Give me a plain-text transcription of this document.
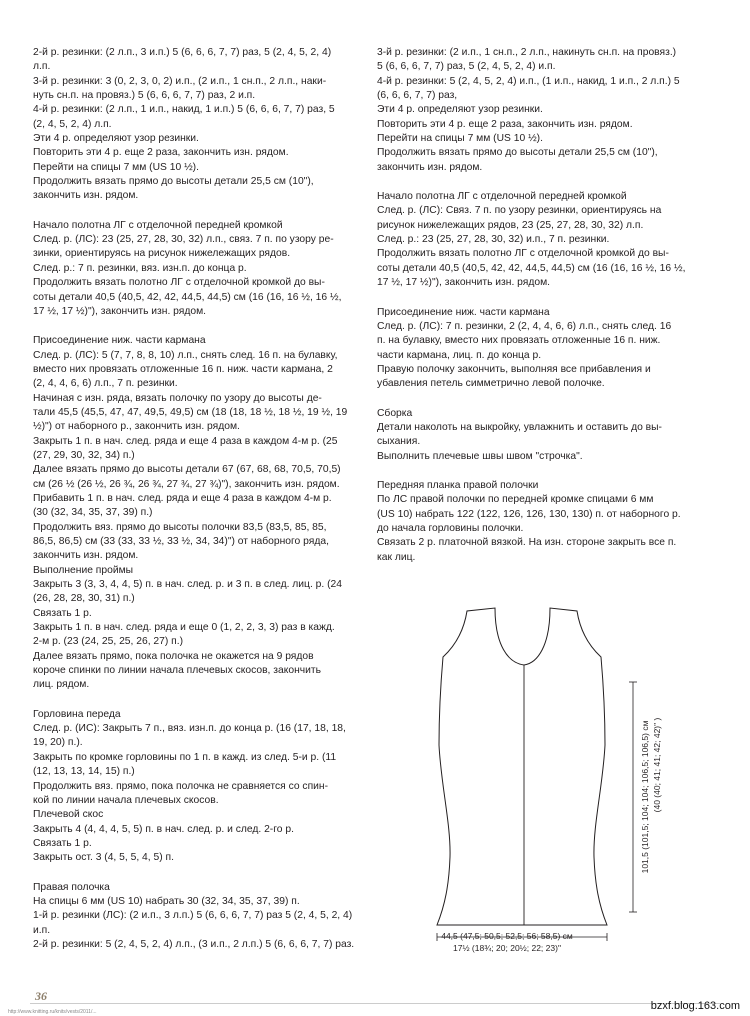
2-й р. резинки: (2 л.п., 3 и.п.) 5 (6, 6, 6, 7, 7) раз, 5 (2, 4, 5, 2, 4)

л.п.

3-й р. резинки: 3 (0, 2, 3, 0, 2) и.п., (2 и.п., 1 сн.п., 2 л.п., наки-

нуть сн.п. на провяз.) 5 (6, 6, 6, 7, 7) раз, 2 и.п.

4-й р. резинки: (2 л.п., 1 и.п., накид, 1 и.п.) 5 (6, 6, 6, 7, 7) раз, 5

(2, 4, 5, 2, 4) л.п.

Эти 4 р. определяют узор резинки.

Повторить эти 4 р. еще 2 раза, закончить изн. рядом.

Перейти на спицы 7 мм (US 10 ½).

Продолжить вязать прямо до высоты детали 25,5 см (10"),

закончить изн. рядом.

Начало полотна ЛГ с отделочной передней кромкой

След. р. (ЛС): 23 (25, 27, 28, 30, 32) л.п., связ. 7 п. по узору ре-

зинки, ориентируясь на рисунок нижележащих рядов.

След. р.: 7 п. резинки, вяз. изн.п. до конца р.

Продолжить вязать полотно ЛГ с отделочной кромкой до вы-

соты детали 40,5 (40,5, 42, 42, 44,5, 44,5) см (16 (16, 16 ½, 16 ½,

17 ½, 17 ½)"), закончить изн. рядом.

Присоединение ниж. части кармана

След. р. (ЛС): 5 (7, 7, 8, 8, 10) л.п., снять след. 16 п. на булавку,

вместо них провязать отложенные 16 п. ниж. части кармана, 2

(2, 4, 4, 6, 6) л.п., 7 п. резинки.

Начиная с изн. ряда, вязать полочку по узору до высоты де-

тали 45,5 (45,5, 47, 47, 49,5, 49,5) см (18 (18, 18 ½, 18 ½, 19 ½, 19

½)") от наборного р., закончить изн. рядом.

Закрыть 1 п. в нач. след. ряда и еще 4 раза в каждом 4-м р. (25

(27, 29, 30, 32, 34) п.)

Далее вязать прямо до высоты детали 67 (67, 68, 68, 70,5, 70,5)

см (26 ½ (26 ½, 26 ¾, 26 ¾, 27 ¾, 27 ¾)"), закончить изн. рядом.

Прибавить 1 п. в нач. след. ряда и еще 4 раза в каждом 4-м р.

(30 (32, 34, 35, 37, 39) п.)

Продолжить вяз. прямо до высоты полочки 83,5 (83,5, 85, 85,

86,5, 86,5) см (33 (33, 33 ½, 33 ½, 34, 34)") от наборного ряда,

закончить изн. рядом.

Выполнение проймы

Закрыть 3 (3, 3, 4, 4, 5) п. в нач. след. р. и 3 п. в след. лиц. р. (24

(26, 28, 28, 30, 31) п.)

Связать 1 р.

Закрыть 1 п. в нач. след. ряда и еще 0 (1, 2, 2, 3, 3) раз в кажд.

2-м р. (23 (24, 25, 25, 26, 27) п.)

Далее вязать прямо, пока полочка не окажется на 9 рядов

короче спинки по линии начала плечевых скосов, закончить

лиц. рядом.

Горловина переда

След. р. (ИС): Закрыть 7 п., вяз. изн.п. до конца р. (16 (17, 18, 18,

19, 20) п.).

Закрыть по кромке горловины по 1 п. в кажд. из след. 5-и р. (11

(12, 13, 13, 14, 15) п.)

Продолжить вяз. прямо, пока полочка не сравняется со спин-

кой по линии начала плечевых скосов.

Плечевой скос

Закрыть 4 (4, 4, 4, 5, 5) п. в нач. след. р. и след. 2-го р.

Связать 1 р.

Закрыть ост. 3 (4, 5, 5, 4, 5) п.

Правая полочка

На спицы 6 мм (US 10) набрать 30 (32, 34, 35, 37, 39) п.

1-й р. резинки (ЛС): (2 и.п., 3 л.п.) 5 (6, 6, 6, 7, 7) раз 5 (2, 4, 5, 2, 4)

и.п.

2-й р. резинки: 5 (2, 4, 5, 2, 4) л.п., (3 и.п., 2 л.п.) 5 (6, 6, 6, 7, 7) раз.

3-й р. резинки: (2 и.п., 1 сн.п., 2 л.п., накинуть сн.п. на провяз.)

5 (6, 6, 6, 7, 7) раз, 5 (2, 4, 5, 2, 4) и.п.

4-й р. резинки: 5 (2, 4, 5, 2, 4) и.п., (1 и.п., накид, 1 и.п., 2 л.п.) 5

(6, 6, 6, 7, 7) раз,

Эти 4 р. определяют узор резинки.

Повторить эти 4 р. еще 2 раза, закончить изн. рядом.

Перейти на спицы 7 мм (US 10 ½).

Продолжить вязать прямо до высоты детали 25,5 см (10"),

закончить изн. рядом.

Начало полотна ЛГ с отделочной передней кромкой

След. р. (ЛС): Связ. 7 п. по узору резинки, ориентируясь на

рисунок нижележащих рядов, 23 (25, 27, 28, 30, 32) л.п.

След. р.: 23 (25, 27, 28, 30, 32) и.п., 7 п. резинки.

Продолжить вязать полотно ЛГ с отделочной кромкой до вы-

соты детали 40,5 (40,5, 42, 42, 44,5, 44,5) см (16 (16, 16 ½, 16 ½,

17 ½, 17 ½)"), закончить изн. рядом.

Присоединение ниж. части кармана

След. р. (ЛС): 7 п. резинки, 2 (2, 4, 4, 6, 6) л.п., снять след. 16

п. на булавку, вместо них провязать отложенные 16 п. ниж.

части кармана, лиц. п. до конца р.

Правую полочку закончить, выполняя все прибавления и

убавления петель симметрично левой полочке.

Сборка

Детали наколоть на выкройку, увлажнить и оставить до вы-

сыхания.

Выполнить плечевые швы швом "строчка".

Передняя планка правой полочки

По ЛС правой полочки по передней кромке спицами 6 мм

(US 10) набрать 122 (122, 126, 126, 130, 130) п. от наборного р.

до начала горловины полочки.

Связать 2 р. платочной вязкой. На изн. стороне закрыть все п.

как лиц.

101,5 (101,5; 104; 104; 106,5; 106,5) см (40 (40; 41; 41; 42; 42)" )
44,5 (47,5; 50,5; 52,5; 56; 58,5) см
17½ (18¾; 20; 20½; 22; 23)"
36
http://www.knitting.ru/knits/vests/2011/...	bzxf.blog.163.com
